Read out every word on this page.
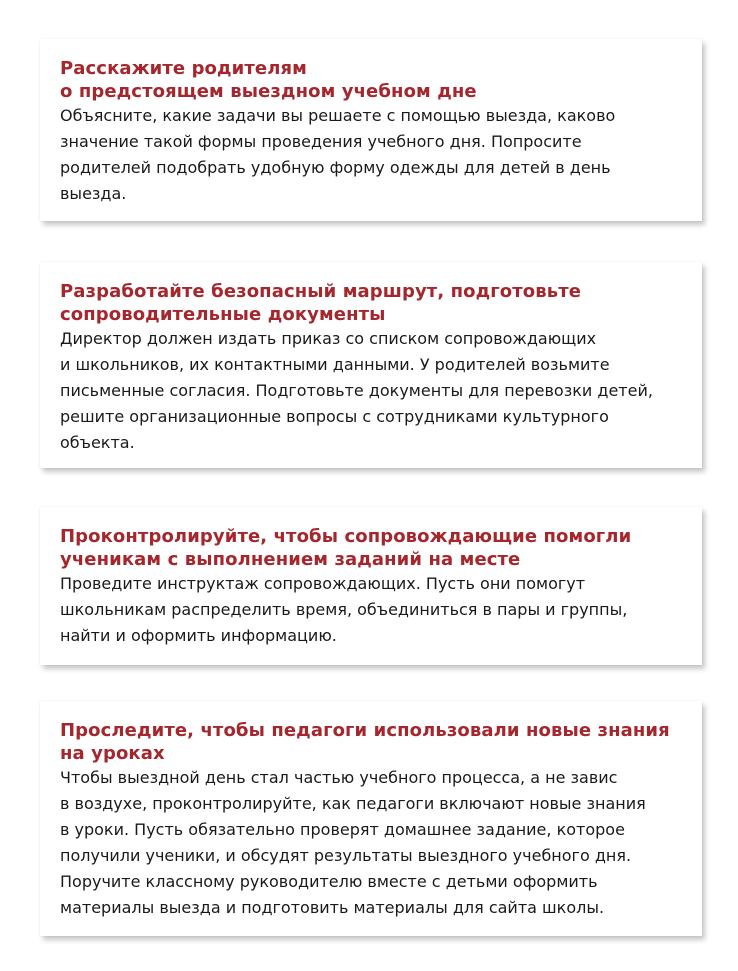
Расскажите родителям
о предстоящем выездном учебном дне

Объясните, какие задачи вы решаете с помощью выезда, каково
значение такой формы проведения учебного дня. Попросите
родителей подобрать удобную форму одежды для детей в день
выезда.

Разработайте безопасный маршрут, подготовьте
сопроводительные документы

Директор должен издать приказ со списком сопровождающих
и школьников, их контактными данными. У родителей возьмите
письменные согласия. Подготовьте документы для перевозки детей,
решите организационные вопросы с сотрудниками культурного
объекта.

Проконтролируйте, чтобы сопровождающие помогли
ученикам с выполнением заданий на месте

Проведите инструктаж сопровождающих. Пусть они помогут
школьникам распределить время, объединиться в пары и группы,
найти и оформить информацию.

Проследите, чтобы педагоги использовали новые знания
на уроках

Чтобы выездной день стал частью учебного процесса, а не завис
в воздухе, проконтролируйте, как педагоги включают новые знания
в уроки. Пусть обязательно проверят домашнее задание, которое
получили ученики, и обсудят результаты выездного учебного дня.
Поручите классному руководителю вместе с детьми оформить
материалы выезда и подготовить материалы для сайта школы.
